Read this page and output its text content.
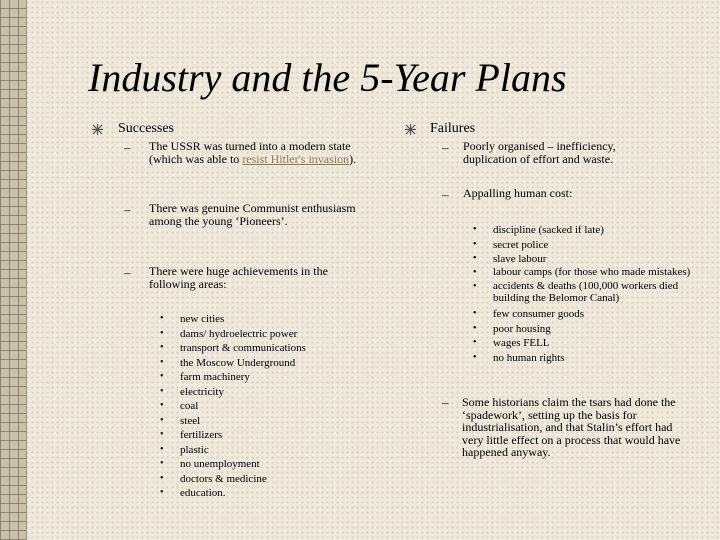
Industry and the 5-Year Plans
Successes
– The USSR was turned into a modern state (which was able to resist Hitler's invasion).
– There was genuine Communist enthusiasm among the young ‘Pioneers’.
– There were huge achievements in the following areas:
• new cities
• dams/ hydroelectric power
• transport & communications
• the Moscow Underground
• farm machinery
• electricity
• coal
• steel
• fertilizers
• plastic
• no unemployment
• doctors & medicine
• education.
Failures
– Poorly organised – inefficiency, duplication of effort and waste.
– Appalling human cost:
• discipline (sacked if late)
• secret police
• slave labour
• labour camps (for those who made mistakes)
• accidents & deaths (100,000 workers died building the Belomor Canal)
• few consumer goods
• poor housing
• wages FELL
• no human rights
– Some historians claim the tsars had done the ‘spadework’, setting up the basis for industrialisation, and that Stalin’s effort had very little effect on a process that would have happened anyway.
